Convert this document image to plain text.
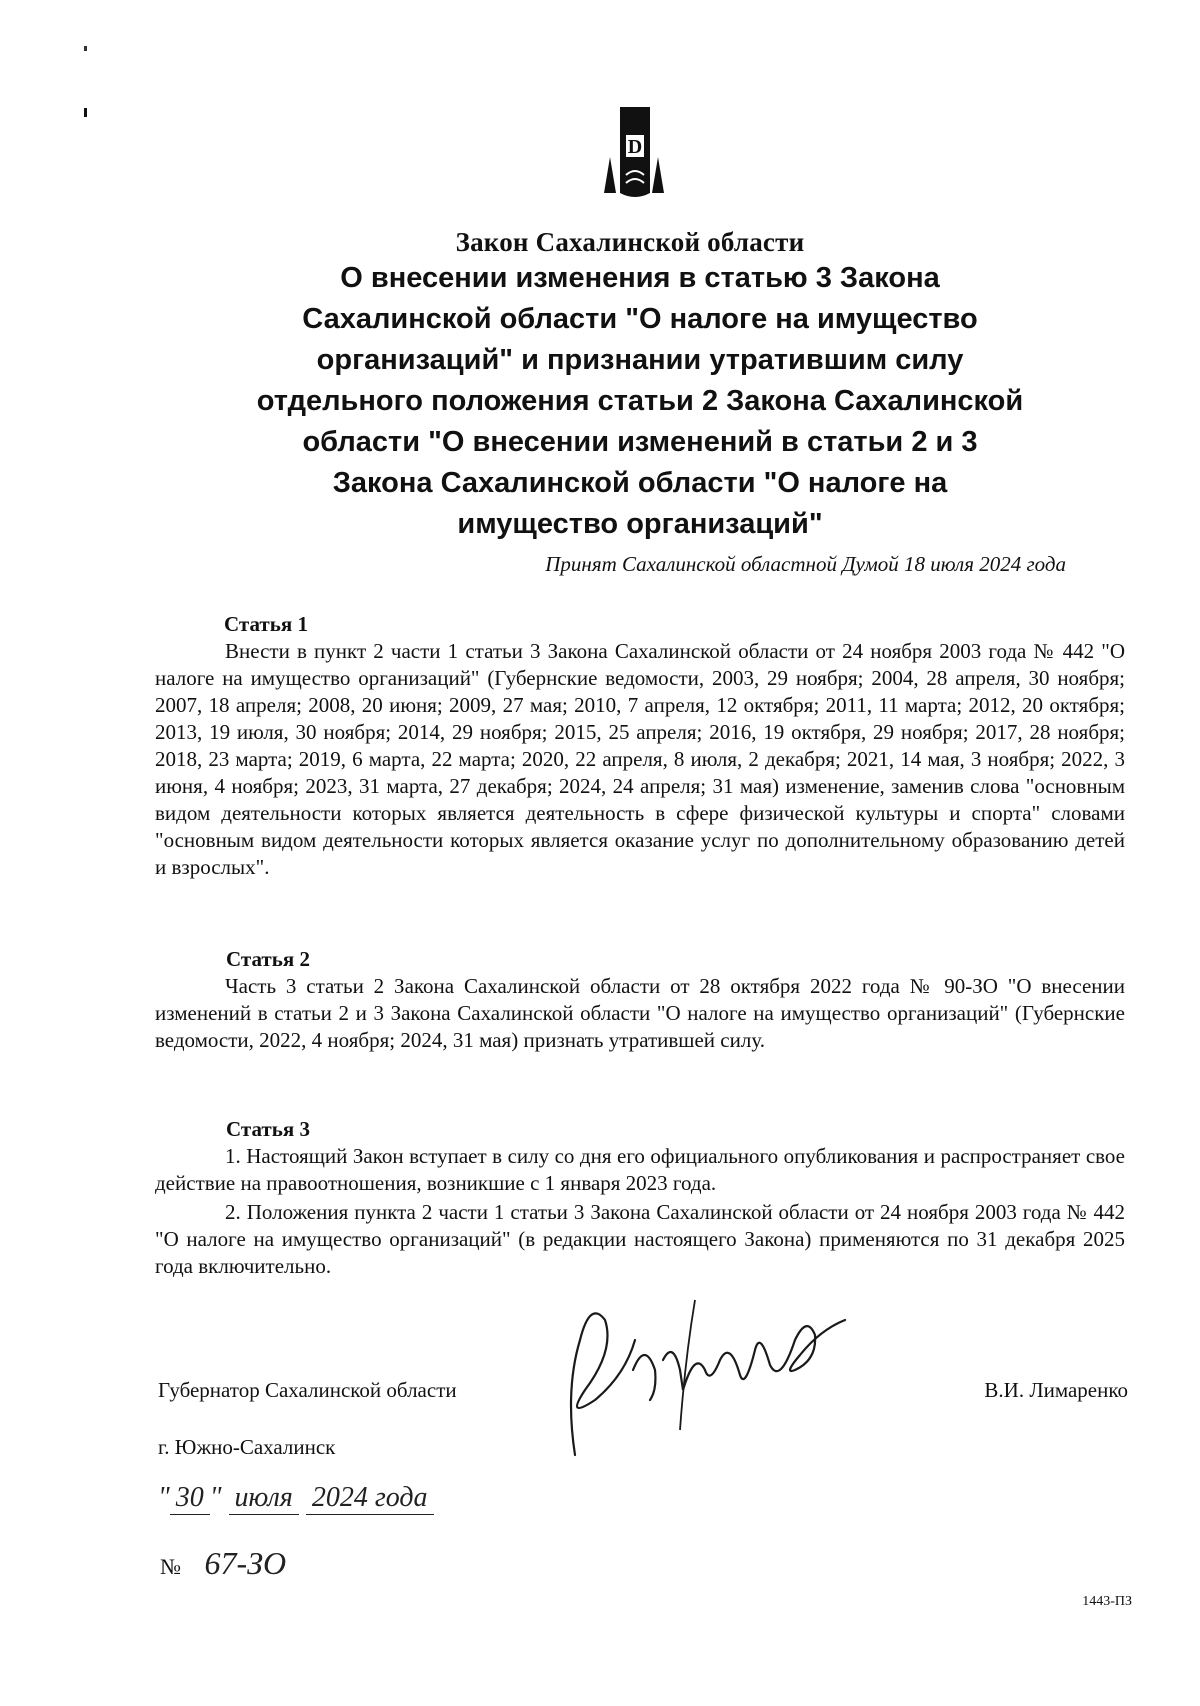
D
Закон Сахалинской области
О внесении изменения в статью 3 Закона
Сахалинской области "О налоге на имущество
организаций" и признании утратившим силу
отдельного положения статьи 2 Закона Сахалинской
области "О внесении изменений в статьи 2 и 3
Закона Сахалинской области "О налоге на
имущество организаций"
Принят Сахалинской областной Думой 18 июля 2024 года
Статья 1

Внести в пункт 2 части 1 статьи 3 Закона Сахалинской области от 24 ноября 2003 года № 442 "О налоге на имущество организаций" (Губернские ведомости, 2003, 29 ноября; 2004, 28 апреля, 30 ноября; 2007, 18 апреля; 2008, 20 июня; 2009, 27 мая; 2010, 7 апреля, 12 октября; 2011, 11 марта; 2012, 20 октября; 2013, 19 июля, 30 ноября; 2014, 29 ноября; 2015, 25 апреля; 2016, 19 октября, 29 ноября; 2017, 28 ноября; 2018, 23 марта; 2019, 6 марта, 22 марта; 2020, 22 апреля, 8 июля, 2 декабря; 2021, 14 мая, 3 ноября; 2022, 3 июня, 4 ноября; 2023, 31 марта, 27 декабря; 2024, 24 апреля; 31 мая) изменение, заменив слова "основным видом деятельности которых является деятельность в сфере физической культуры и спорта" словами "основным видом деятельности которых является оказание услуг по дополнительному образованию детей и взрослых".

Статья 2

Часть 3 статьи 2 Закона Сахалинской области от 28 октября 2022 года № 90-ЗО "О внесении изменений в статьи 2 и 3 Закона Сахалинской области "О налоге на имущество организаций" (Губернские ведомости, 2022, 4 ноября; 2024, 31 мая) признать утратившей силу.

Статья 3

1. Настоящий Закон вступает в силу со дня его официального опубликования и распространяет свое действие на правоотношения, возникшие с 1 января 2023 года.

2. Положения пункта 2 части 1 статьи 3 Закона Сахалинской области от 24 ноября 2003 года № 442 "О налоге на имущество организаций" (в редакции настоящего Закона) применяются по 31 декабря 2025 года включительно.

Губернатор Сахалинской области	В.И. Лимаренко
г. Южно-Сахалинск
" 30 " июля 2024 года
№ 67-ЗО
1443-ПЗ
